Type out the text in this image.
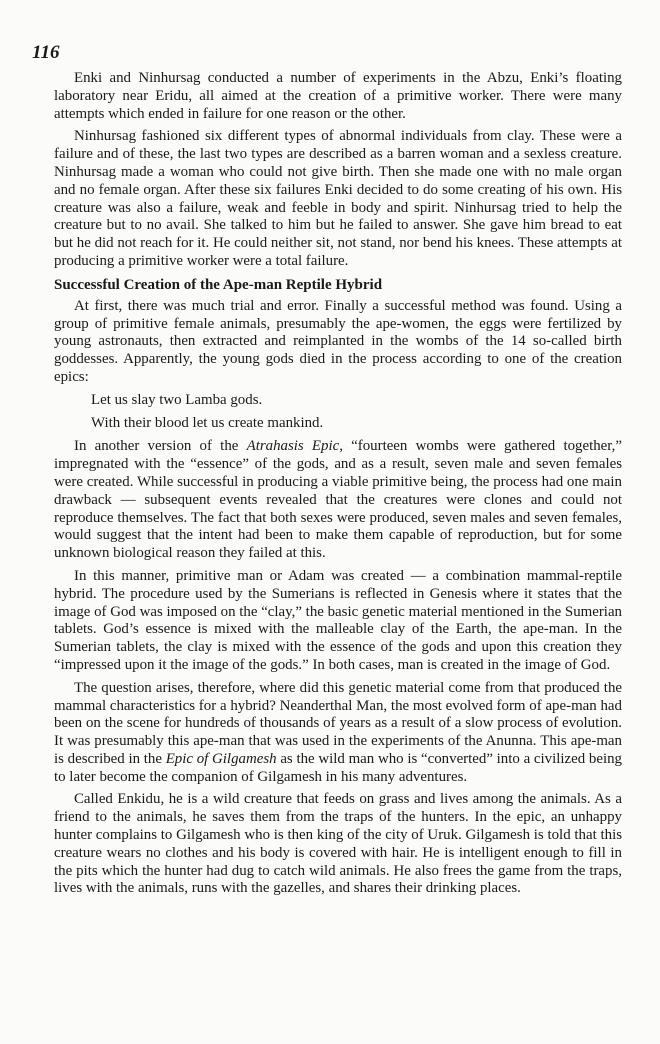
116

Enki and Ninhursag conducted a number of experiments in the Abzu, Enki’s floating laboratory near Eridu, all aimed at the creation of a primitive worker. There were many attempts which ended in failure for one reason or the other.

Ninhursag fashioned six different types of abnormal individuals from clay. These were a failure and of these, the last two types are described as a barren woman and a sexless creature. Ninhursag made a woman who could not give birth. Then she made one with no male organ and no female organ. After these six failures Enki decided to do some creating of his own. His creature was also a failure, weak and feeble in body and spirit. Ninhursag tried to help the creature but to no avail. She talked to him but he failed to answer. She gave him bread to eat but he did not reach for it. He could neither sit, not stand, nor bend his knees. These attempts at producing a primitive worker were a total failure.

Successful Creation of the Ape-man Reptile Hybrid

At first, there was much trial and error. Finally a successful method was found. Using a group of primitive female animals, presumably the ape-women, the eggs were fertilized by young astronauts, then extracted and reimplanted in the wombs of the 14 so-called birth goddesses. Apparently, the young gods died in the process according to one of the creation epics:

Let us slay two Lamba gods.
With their blood let us create mankind.

In another version of the Atrahasis Epic, “fourteen wombs were gathered together,” impregnated with the “essence” of the gods, and as a result, seven male and seven females were created. While successful in producing a viable primitive being, the process had one main drawback — subsequent events revealed that the creatures were clones and could not reproduce themselves. The fact that both sexes were produced, seven males and seven females, would suggest that the intent had been to make them capable of reproduction, but for some unknown biological reason they failed at this.

In this manner, primitive man or Adam was created — a combination mammal-reptile hybrid. The procedure used by the Sumerians is reflected in Genesis where it states that the image of God was imposed on the “clay,” the basic genetic material mentioned in the Sumerian tablets. God’s essence is mixed with the malleable clay of the Earth, the ape-man. In the Sumerian tablets, the clay is mixed with the essence of the gods and upon this creation they “impressed upon it the image of the gods.” In both cases, man is created in the image of God.

The question arises, therefore, where did this genetic material come from that produced the mammal characteristics for a hybrid? Neanderthal Man, the most evolved form of ape-man had been on the scene for hundreds of thousands of years as a result of a slow process of evolution. It was presumably this ape-man that was used in the experiments of the Anunna. This ape-man is described in the Epic of Gilgamesh as the wild man who is “converted” into a civilized being to later become the companion of Gilgamesh in his many adventures.

Called Enkidu, he is a wild creature that feeds on grass and lives among the animals. As a friend to the animals, he saves them from the traps of the hunters. In the epic, an unhappy hunter complains to Gilgamesh who is then king of the city of Uruk. Gilgamesh is told that this creature wears no clothes and his body is covered with hair. He is intelligent enough to fill in the pits which the hunter had dug to catch wild animals. He also frees the game from the traps, lives with the animals, runs with the gazelles, and shares their drinking places.
